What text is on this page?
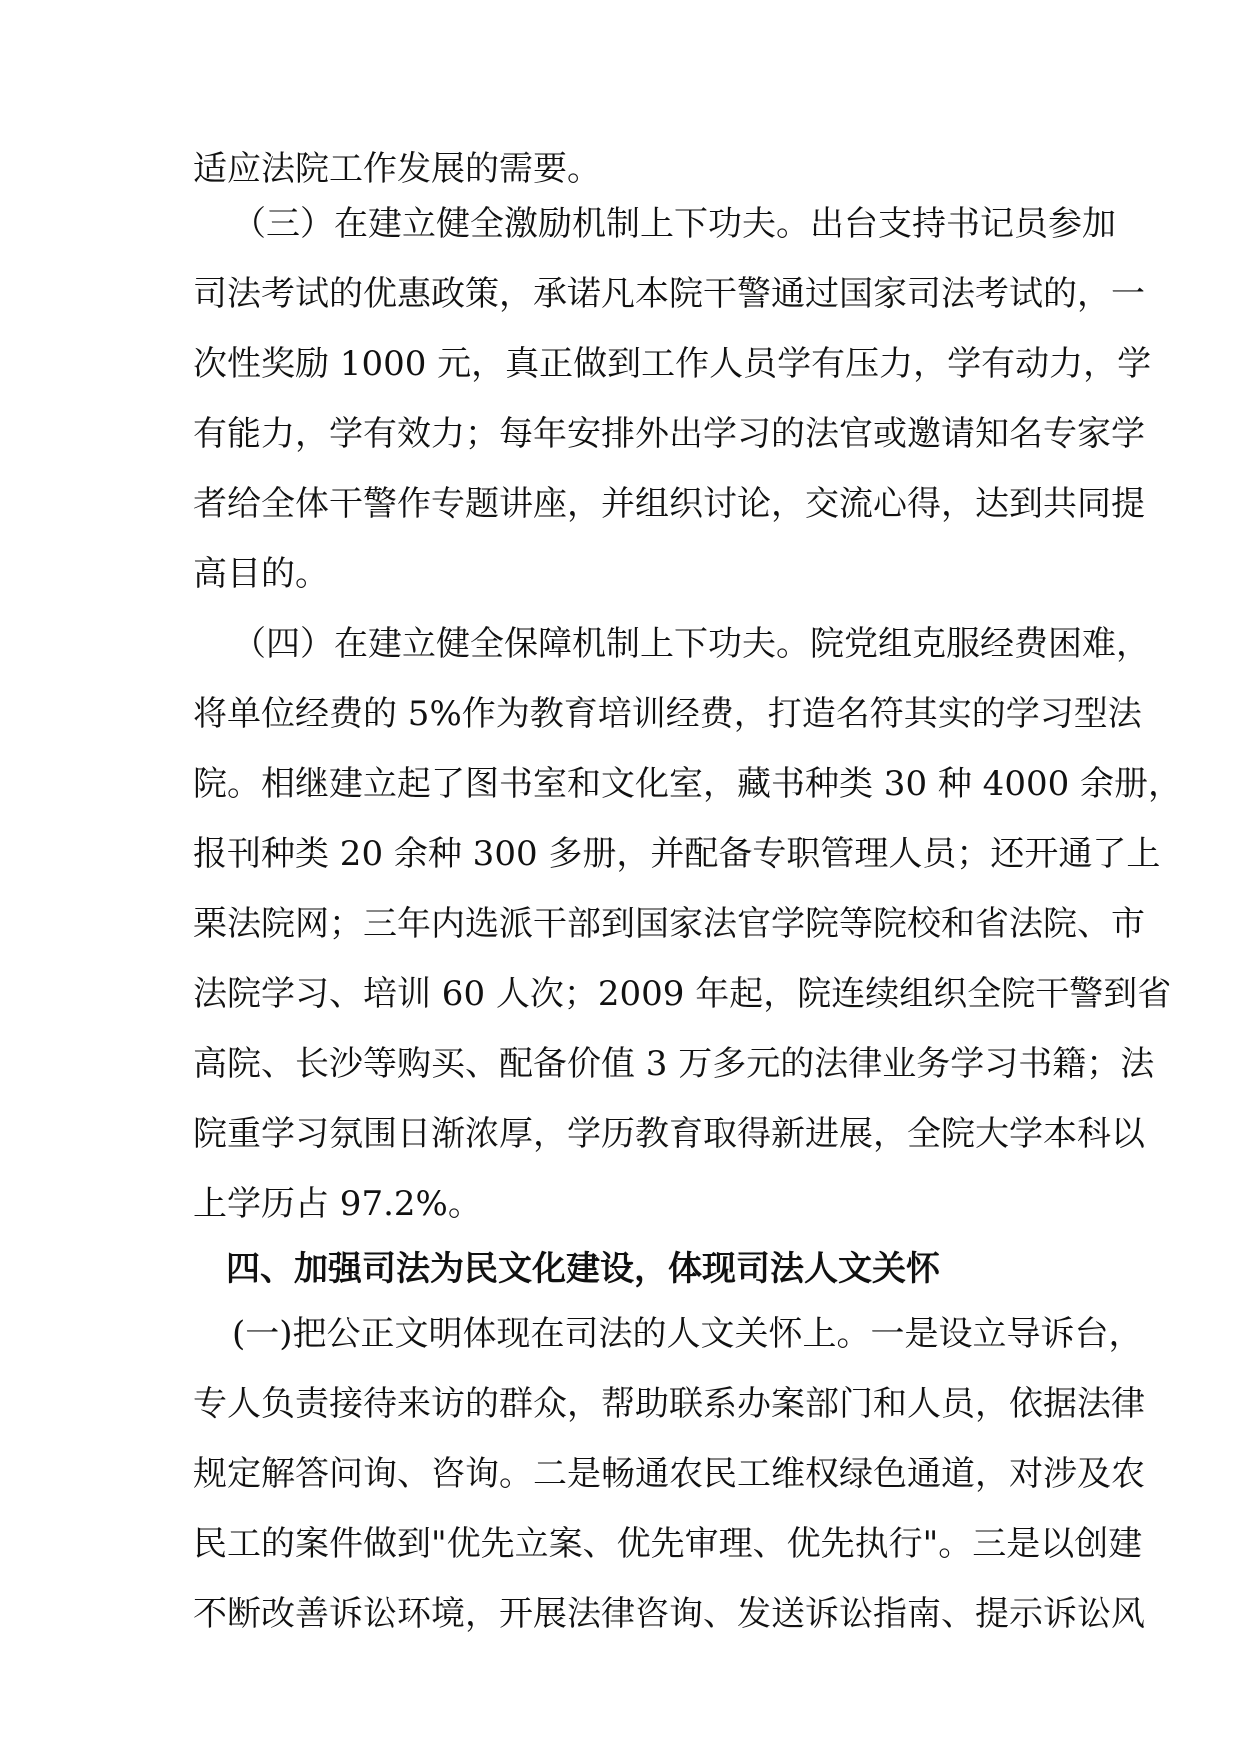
适应法院工作发展的需要。
（三）在建立健全激励机制上下功夫。出台支持书记员参加
司法考试的优惠政策，承诺凡本院干警通过国家司法考试的，一
次性奖励 1000 元，真正做到工作人员学有压力，学有动力，学
有能力，学有效力；每年安排外出学习的法官或邀请知名专家学
者给全体干警作专题讲座，并组织讨论，交流心得，达到共同提
高目的。
（四）在建立健全保障机制上下功夫。院党组克服经费困难，
将单位经费的 5%作为教育培训经费，打造名符其实的学习型法
院。相继建立起了图书室和文化室，藏书种类 30 种 4000 余册，
报刊种类 20 余种 300 多册，并配备专职管理人员；还开通了上
栗法院网；三年内选派干部到国家法官学院等院校和省法院、市
法院学习、培训 60 人次；2009 年起，院连续组织全院干警到省
高院、长沙等购买、配备价值 3 万多元的法律业务学习书籍；法
院重学习氛围日渐浓厚，学历教育取得新进展，全院大学本科以
上学历占 97.2%。
四、加强司法为民文化建设，体现司法人文关怀
(一)把公正文明体现在司法的人文关怀上。一是设立导诉台，
专人负责接待来访的群众，帮助联系办案部门和人员，依据法律
规定解答问询、咨询。二是畅通农民工维权绿色通道，对涉及农
民工的案件做到"优先立案、优先审理、优先执行"。三是以创建
不断改善诉讼环境，开展法律咨询、发送诉讼指南、提示诉讼风
